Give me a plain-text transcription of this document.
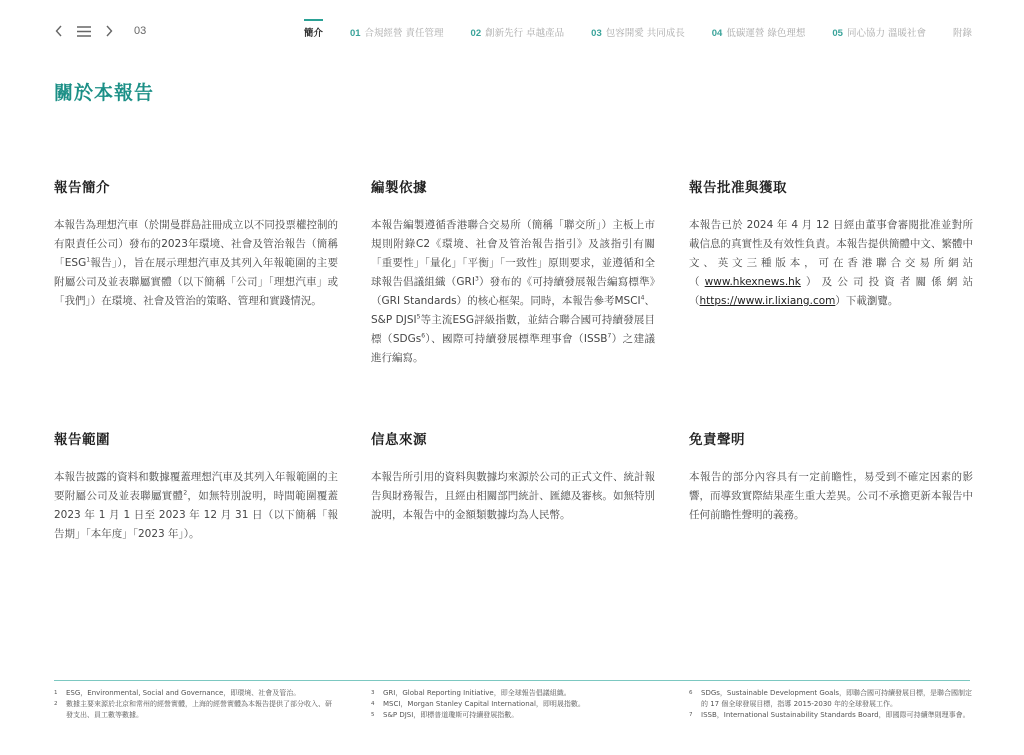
03	簡介	01 合規經營 責任管理	02 創新先行 卓越產品	03 包容開愛 共同成長	04 低碳運營 綠色理想	05 同心協力 溫暖社會	附錄
關於本報告
報告簡介

本報告為理想汽車（於開曼群島註冊成立以不同投票權控制的有限責任公司）發布的2023年環境、社會及管治報告（簡稱「ESG$^1$報告」），旨在展示理想汽車及其列入年報範圍的主要附屬公司及並表聯屬實體（以下簡稱「公司」「理想汽車」或「我們」）在環境、社會及管治的策略、管理和實踐情況。

編製依據

本報告編製遵循香港聯合交易所（簡稱「聯交所」）主板上市規則附錄C2《環境、社會及管治報告指引》及該指引有關「重要性」「量化」「平衡」「一致性」原則要求，並遵循和全球報告倡議組織（GRI$^3$）發布的《可持續發展報告編寫標準》（GRI Standards）的核心框架。同時，本報告參考MSCI$^4$、S&P DJSI$^5$等主流ESG評級指數，並結合聯合國可持續發展目標（SDGs$^6$）、國際可持續發展標準理事會（ISSB$^7$）之建議進行編寫。

報告批准與獲取

本報告已於 2024 年 4 月 12 日經由董事會審閱批准並對所載信息的真實性及有效性負責。本報告提供簡體中文、繁體中文、英文三種版本，可在香港聯合交易所網站（www.hkexnews.hk）及公司投資者關係網站（https://www.ir.lixiang.com）下載瀏覽。

報告範圍

本報告披露的資料和數據覆蓋理想汽車及其列入年報範圍的主要附屬公司及並表聯屬實體$^2$，如無特別說明，時間範圍覆蓋 2023 年 1 月 1 日至 2023 年 12 月 31 日（以下簡稱「報告期」「本年度」「2023 年」）。

信息來源

本報告所引用的資料與數據均來源於公司的正式文件、統計報告與財務報告，且經由相關部門統計、匯總及審核。如無特別說明，本報告中的金額類數據均為人民幣。

免責聲明

本報告的部分內容具有一定前瞻性，易受到不確定因素的影響，而導致實際結果產生重大差異。公司不承擔更新本報告中任何前瞻性聲明的義務。

1	ESG，Environmental, Social and Governance，即環境、社會及管治。
2	數據主要來源於北京和常州的經營實體，上海的經營實體為本報告提供了部分收入、研發支出、員工數等數據。
3	GRI，Global Reporting Initiative，即全球報告倡議組織。
4	MSCI，Morgan Stanley Capital International，即明晟指數。
5	S&P DJSI，即標普道瓊斯可持續發展指數。
6	SDGs，Sustainable Development Goals，即聯合國可持續發展目標，是聯合國制定的 17 個全球發展目標，指導 2015-2030 年的全球發展工作。
7	ISSB，International Sustainability Standards Board，即國際可持續準則理事會。
